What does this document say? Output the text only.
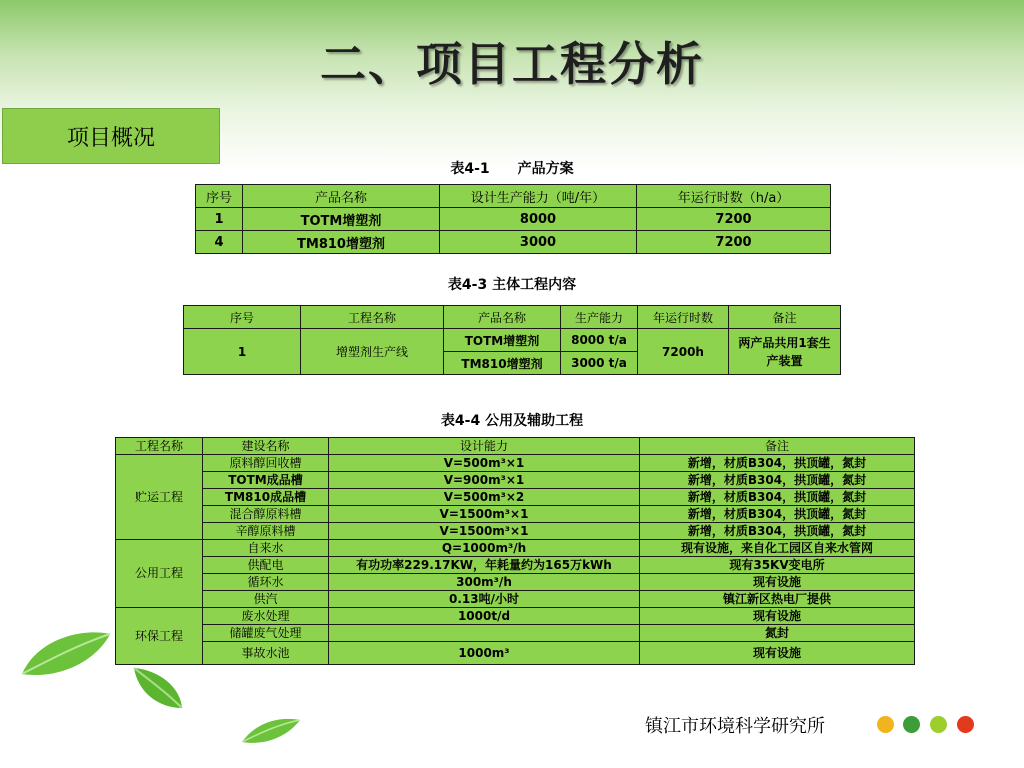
二、项目工程分析
项目概况
表4-1　　产品方案
序号	产品名称	设计生产能力（吨/年）	年运行时数（h/a）
1	TOTM增塑剂	8000	7200
4	TM810增塑剂	3000	7200
表4-3 主体工程内容
序号	工程名称	产品名称	生产能力	年运行时数	备注
1	增塑剂生产线	TOTM增塑剂	8000 t/a	7200h	两产品共用1套生产装置
		TM810增塑剂	3000 t/a		
表4-4 公用及辅助工程
工程名称	建设名称	设计能力	备注
贮运工程	原料醇回收槽	V=500m³×1	新增，材质B304，拱顶罐，氮封
	TOTM成品槽	V=900m³×1	新增，材质B304，拱顶罐，氮封
	TM810成品槽	V=500m³×2	新增，材质B304，拱顶罐，氮封
	混合醇原料槽	V=1500m³×1	新增，材质B304，拱顶罐，氮封
	辛醇原料槽	V=1500m³×1	新增，材质B304，拱顶罐，氮封
公用工程	自来水	Q=1000m³/h	现有设施，来自化工园区自来水管网
	供配电	有功功率229.17KW，年耗量约为165万kWh	现有35KV变电所
	循环水	300m³/h	现有设施
	供汽	0.13吨/小时	镇江新区热电厂提供
环保工程	废水处理	1000t/d	现有设施
	储罐废气处理		氮封
	事故水池	1000m³	现有设施
镇江市环境科学研究所
